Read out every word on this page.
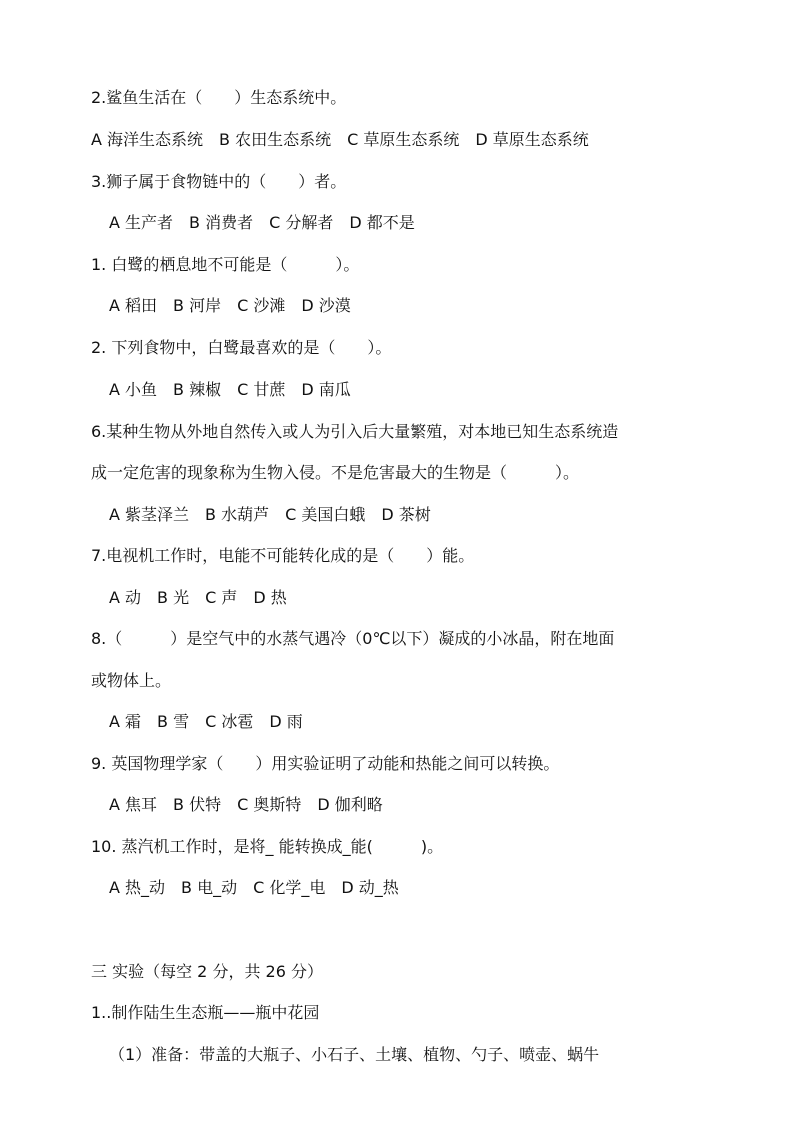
2.鲨鱼生活在（　　）生态系统中。
A 海洋生态系统　B 农田生态系统　C 草原生态系统　D 草原生态系统
3.狮子属于食物链中的（　　）者。
A 生产者　B 消费者　C 分解者　D 都不是
1. 白鹭的栖息地不可能是（　　　）。
A 稻田　B 河岸　C 沙滩　D 沙漠
2. 下列食物中，白鹭最喜欢的是（　　）。
A 小鱼　B 辣椒　C 甘蔗　D 南瓜
6.某种生物从外地自然传入或人为引入后大量繁殖，对本地已知生态系统造
成一定危害的现象称为生物入侵。不是危害最大的生物是（　　　）。
A 紫茎泽兰　B 水葫芦　C 美国白蛾　D 茶树
7.电视机工作时，电能不可能转化成的是（　　）能。
A 动　B 光　C 声　D 热
8.（　　　）是空气中的水蒸气遇冷（0℃以下）凝成的小冰晶，附在地面
或物体上。
A 霜　B 雪　C 冰雹　D 雨
9. 英国物理学家（　　）用实验证明了动能和热能之间可以转换。
A 焦耳　B 伏特　C 奥斯特　D 伽利略
10. 蒸汽机工作时，是将_ 能转换成_能(　　　)。
A 热_动　B 电_动　C 化学_电　D 动_热
三 实验（每空 2 分，共 26 分）
1..制作陆生生态瓶——瓶中花园
（1）准备：带盖的大瓶子、小石子、土壤、植物、勺子、喷壶、蜗牛
